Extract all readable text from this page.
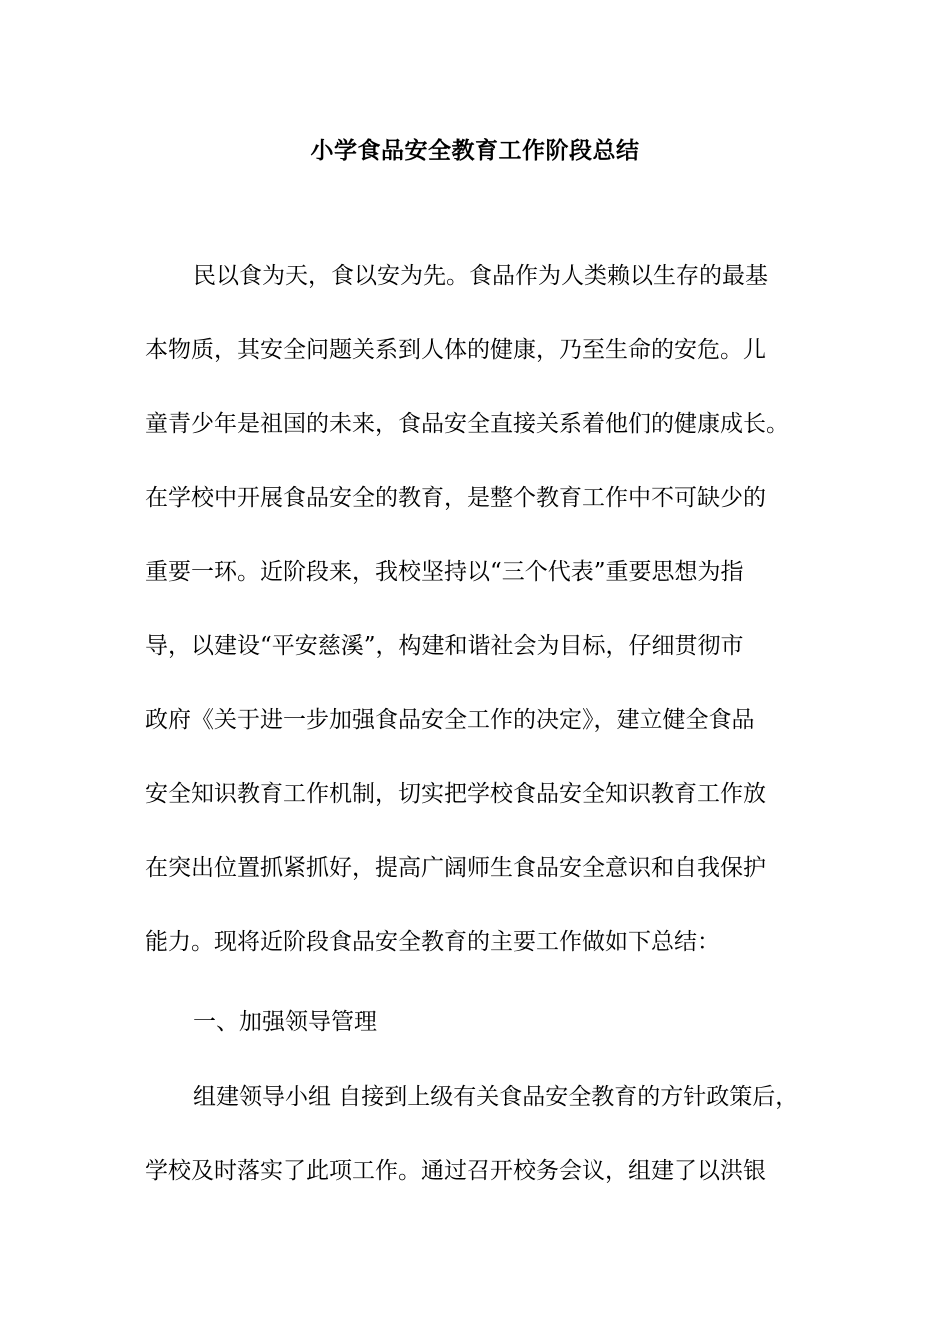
小学食品安全教育工作阶段总结
民以食为天，食以安为先。食品作为人类赖以生存的最基
本物质，其安全问题关系到人体的健康，乃至生命的安危。儿
童青少年是祖国的未来，食品安全直接关系着他们的健康成长。
在学校中开展食品安全的教育，是整个教育工作中不可缺少的
重要一环。近阶段来，我校坚持以“三个代表”重要思想为指
导，以建设“平安慈溪”，构建和谐社会为目标，仔细贯彻市
政府《关于进一步加强食品安全工作的决定》，建立健全食品
安全知识教育工作机制，切实把学校食品安全知识教育工作放
在突出位置抓紧抓好，提高广阔师生食品安全意识和自我保护
能力。现将近阶段食品安全教育的主要工作做如下总结：
一、加强领导管理
组建领导小组 自接到上级有关食品安全教育的方针政策后，
学校及时落实了此项工作。通过召开校务会议，组建了以洪银
